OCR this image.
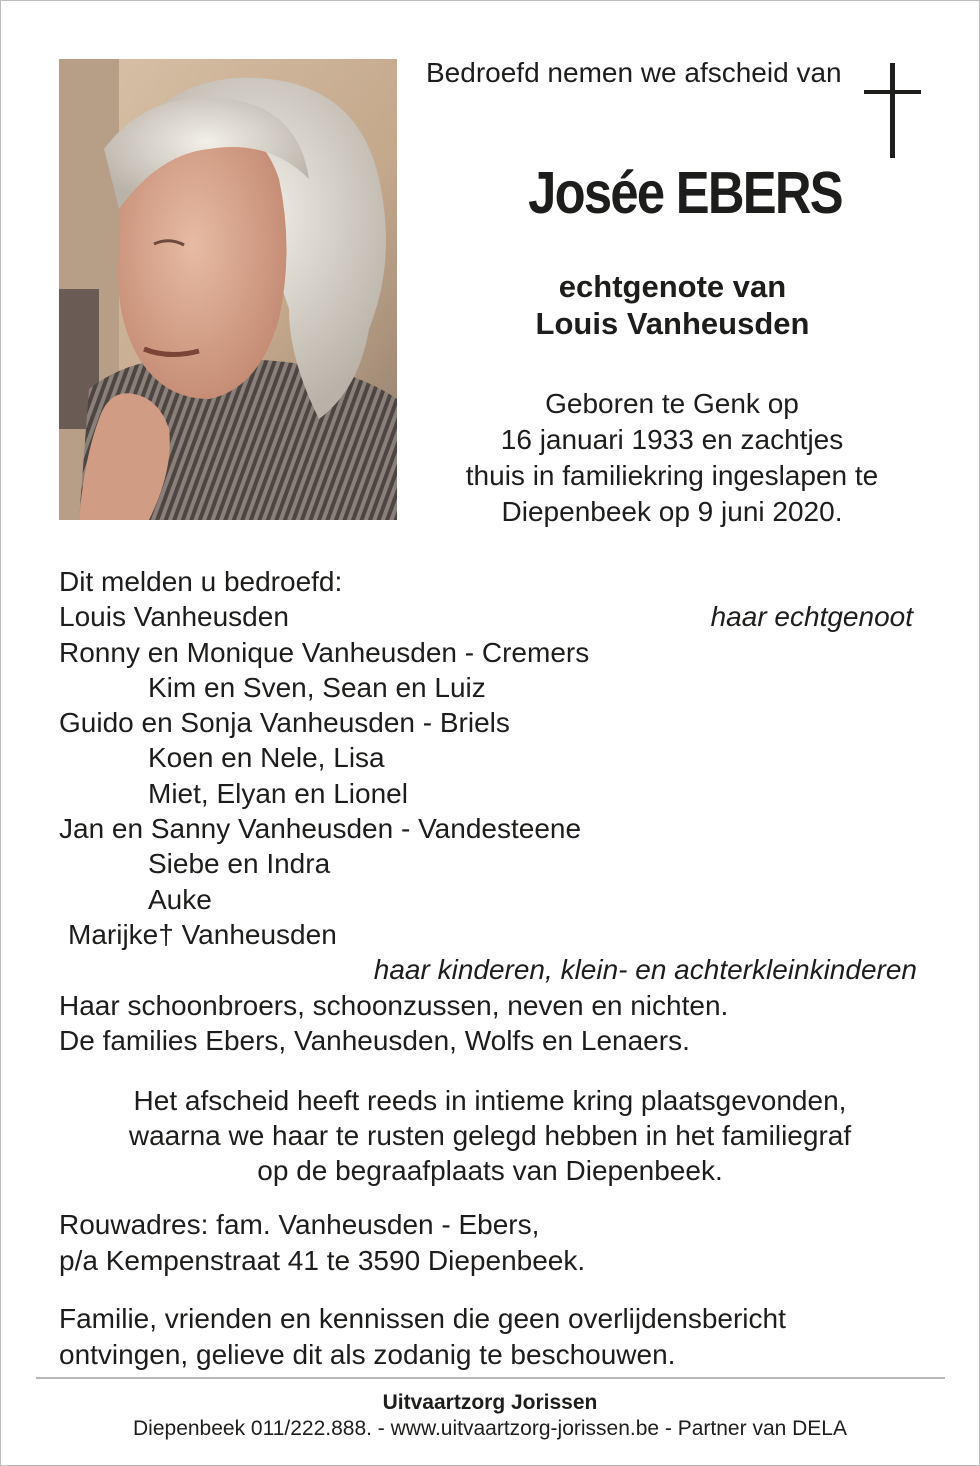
Bedroefd nemen we afscheid van
Josée EBERS
echtgenote van
Louis Vanheusden
Geboren te Genk op
16 januari 1933 en zachtjes
thuis in familiekring ingeslapen te
Diepenbeek op 9 juni 2020.
Dit melden u bedroefd:
Louis Vanheusden	haar echtgenoot
Ronny en Monique Vanheusden - Cremers
Kim en Sven, Sean en Luiz
Guido en Sonja Vanheusden - Briels
Koen en Nele, Lisa
Miet, Elyan en Lionel
Jan en Sanny Vanheusden - Vandesteene
Siebe en Indra
Auke
Marijke† Vanheusden
haar kinderen, klein- en achterkleinkinderen
Haar schoonbroers, schoonzussen, neven en nichten.
De families Ebers, Vanheusden, Wolfs en Lenaers.
Het afscheid heeft reeds in intieme kring plaatsgevonden,
waarna we haar te rusten gelegd hebben in het familiegraf
op de begraafplaats van Diepenbeek.
Rouwadres: fam. Vanheusden - Ebers,
p/a Kempenstraat 41 te 3590 Diepenbeek.
Familie, vrienden en kennissen die geen overlijdensbericht
ontvingen, gelieve dit als zodanig te beschouwen.
Uitvaartzorg Jorissen
Diepenbeek 011/222.888. - www.uitvaartzorg-jorissen.be - Partner van DELA
